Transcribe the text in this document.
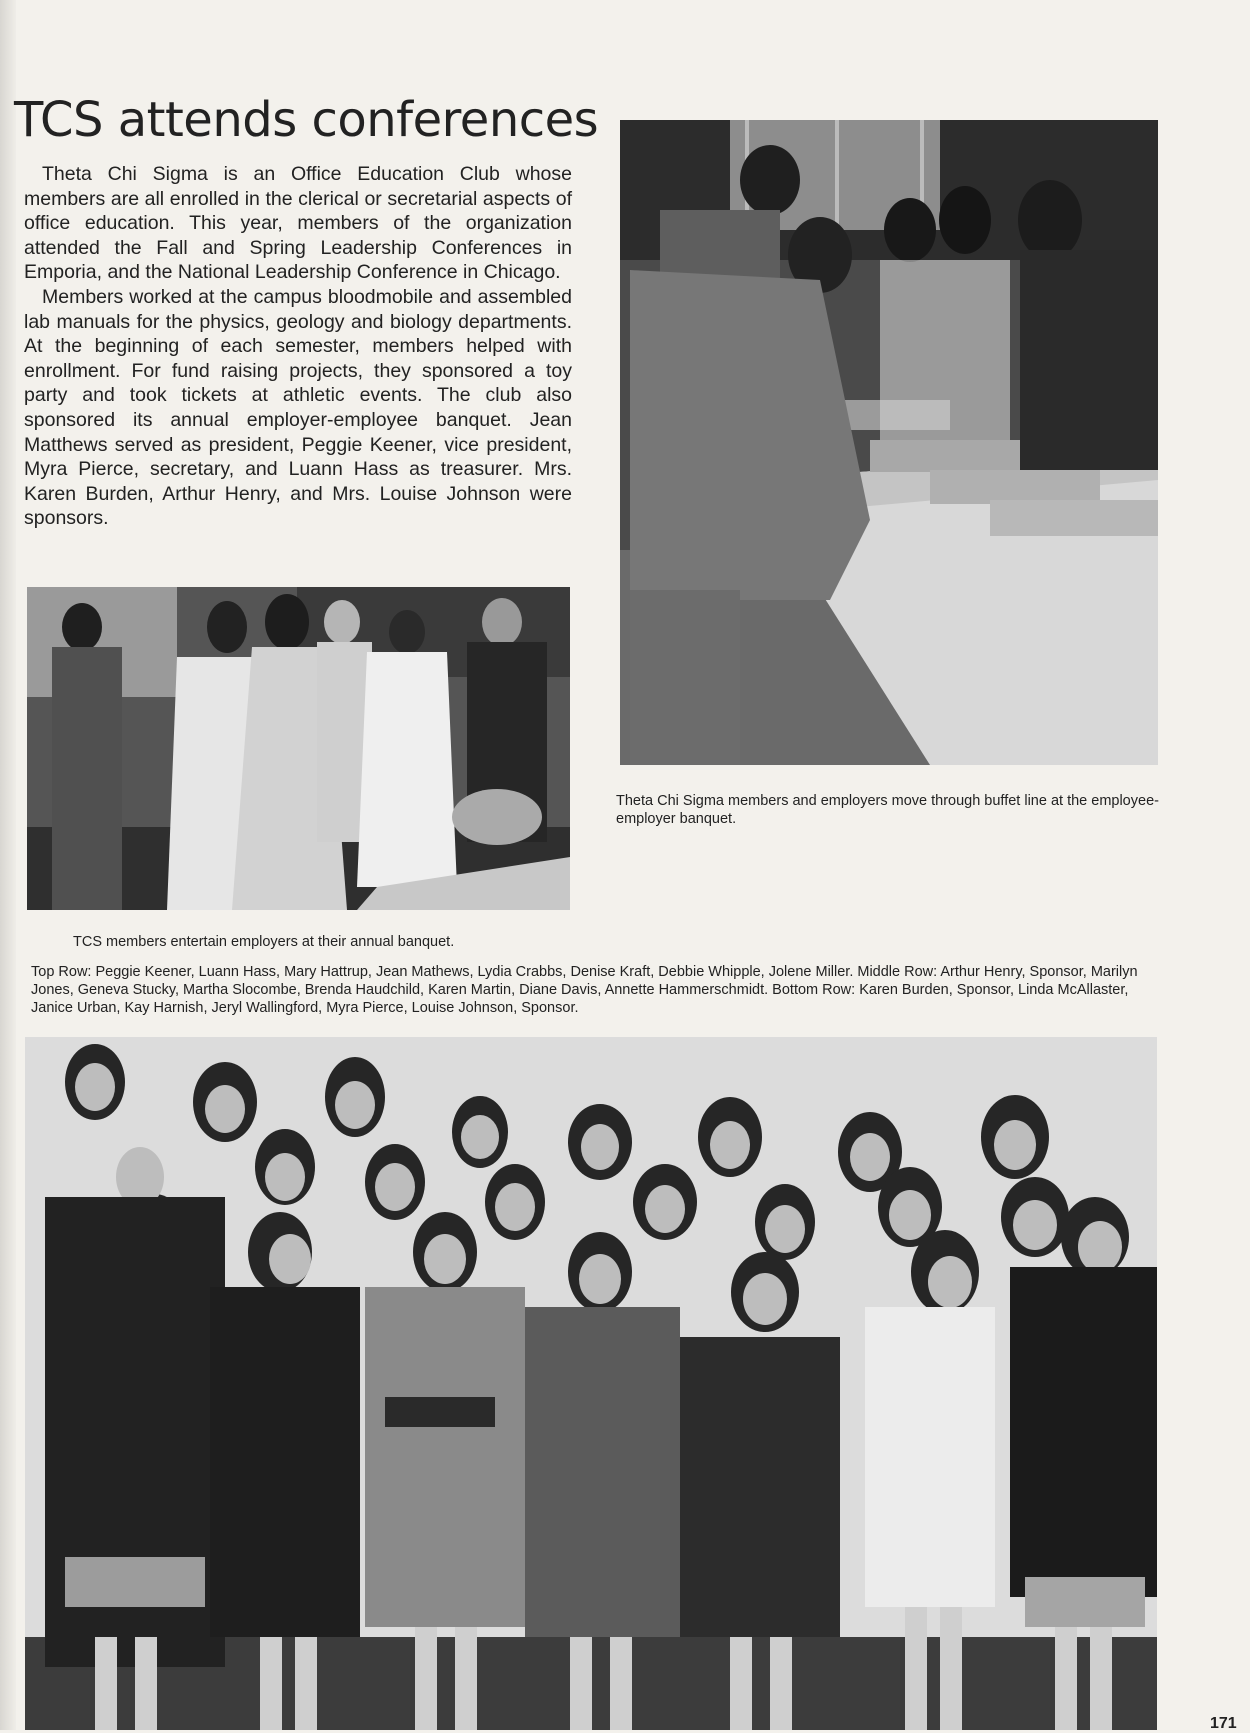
TCS attends conferences

Theta Chi Sigma is an Office Education Club whose members are all enrolled in the clerical or secretarial aspects of office education. This year, members of the organization attended the Fall and Spring Leadership Conferences in Emporia, and the National Leadership Conference in Chicago.

Members worked at the campus bloodmobile and assembled lab manuals for the physics, geology and biology departments. At the beginning of each semester, members helped with enrollment. For fund raising projects, they sponsored a toy party and took tickets at athletic events. The club also sponsored its annual employer-employee banquet. Jean Matthews served as president, Peggie Keener, vice president, Myra Pierce, secretary, and Luann Hass as treasurer. Mrs. Karen Burden, Arthur Henry, and Mrs. Louise Johnson were sponsors.

Theta Chi Sigma members and employers move through buffet line at the employee-employer banquet.
TCS members entertain employers at their annual banquet.
Top Row: Peggie Keener, Luann Hass, Mary Hattrup, Jean Mathews, Lydia Crabbs, Denise Kraft, Debbie Whipple, Jolene Miller. Middle Row: Arthur Henry, Sponsor, Marilyn Jones, Geneva Stucky, Martha Slocombe, Brenda Haudchild, Karen Martin, Diane Davis, Annette Hammerschmidt. Bottom Row: Karen Burden, Sponsor, Linda McAllaster, Janice Urban, Kay Harnish, Jeryl Wallingford, Myra Pierce, Louise Johnson, Sponsor.
171
